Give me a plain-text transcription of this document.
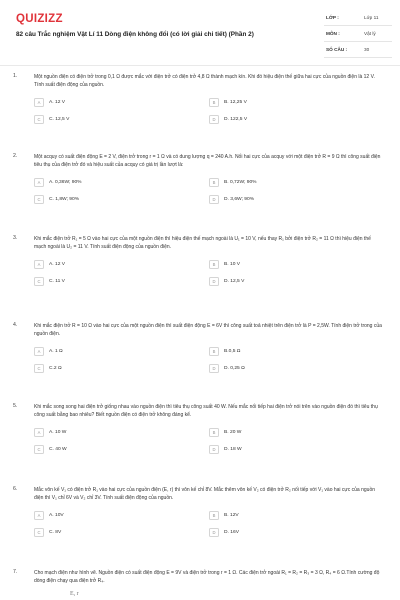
QUIZIZZ
82 câu Trắc nghiệm Vật Lí 11 Dòng điện không đổi (có lời giải chi tiết) (Phần 2)
LỚP :	Lớp 11
MÔN :	Vật lý
SỐ CÂU :	30
1.	Một nguồn điện có điện trở trong 0,1 Ω được mắc với điện trở có điện trở 4,8 Ω thành mạch kín. Khi đó hiệu điện thế giữa hai cực của nguồn điện là 12 V. Tính suất điện động của nguồn.
A	A. 12 V	B	B. 12,25 V
C	C. 12,5 V	D	D. 122,5 V
2.	Một acquy có suất điện động E = 2 V, điện trở trong r = 1 Ω và có dung lượng q = 240 A.h. Nối hai cực của acquy với một điện trở R = 9 Ω thì công suất điện tiêu thụ của điện trở đó và hiệu suất của acquy có giá trị lần lượt là:
A	A. 0,36W; 90%	B	B. 0,72W; 90%
C	C. 1,8W; 90%	D	D. 3,6W; 90%
3.	Khi mắc điện trở R₁ = 5 Ω vào hai cực của một nguồn điện thì hiệu điện thế mạch ngoài là U₁ = 10 V, nếu thay R₁ bởi điện trở R₂ = 11 Ω thì hiệu điện thế mạch ngoài là U₂ = 11 V. Tính suất điện động của nguồn điện.
A	A. 12 V	B	B. 10 V
C	C. 11 V	D	D. 12,5 V
4.	Khi mắc điện trở R = 10 Ω vào hai cực của một nguồn điện thì suất điện động E = 6V thì công suất toả nhiệt trên điện trở là P = 2,5W. Tính điện trở trong của nguồn điện.
A	A. 1 Ω	B	B.0,5 Ω
C	C.2 Ω	D	D. 0,25 Ω
5.	Khi mắc song song hai điện trở giống nhau vào nguồn điện thì tiêu thụ công suất 40 W. Nếu mắc nối tiếp hai điện trở nói trên vào nguồn điện đó thì tiêu thụ công suất bằng bao nhiêu? Biết nguồn điện có điện trở không đáng kể.
A	A. 10 W	B	B. 20 W
C	C. 40 W	D	D. 18 W
6.	Mắc vôn kế V₁ có điện trở R₁ vào hai cực của nguồn điện (E, r) thì vôn kế chỉ 8V. Mắc thêm vôn kế V₂ có điện trở R₂ nối tiếp với V₁ vào hai cực của nguồn điện thì V₁ chỉ 6V và V₂ chỉ 3V. Tính suất điện động của nguồn.
A	A. 10V	B	B. 12V
C	C. 8V	D	D. 16V
7.	Cho mạch điện như hình vẽ. Nguồn điện có suất điện động E = 9V và điện trở trong r = 1 Ω. Các điện trở ngoài R₁ = R₂ = R₃ = 3 Ω, R₄ = 6 Ω.Tính cường độ dòng điện chạy qua điện trở R₄.
E, r
